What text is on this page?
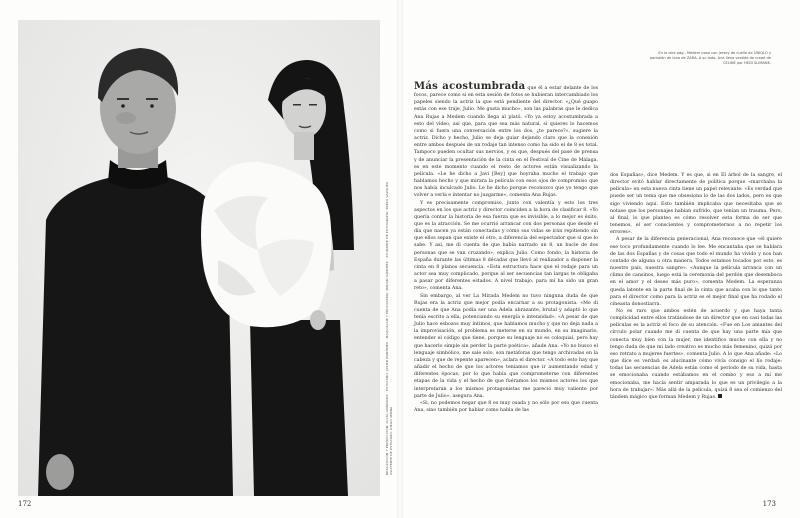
REALIZACIÓN Y PRODUCCIÓN: LUCÍA GONZÁLEZ · ESTILISMO: JAVIER MARTÍNEZ · MAQUILLAJE Y PELUQUERÍA: MIRIAM SÁNCHEZ · AYUDANTE DE FOTOGRAFÍA: PABLO VÁZQUEZ · ASISTENTE DE ESTILISMO: DIEGO SERNA
En la otra pág., Medem posa con jersey de cuello de UNIQLO y pantalón de lana de ZARA. A su lado, Ana lleva vestido de crepé de CELINE por HEDI SLIMANE.
172	173

Más acostumbrada que él a estar delante de los focos, parece como si en esta sesión de fotos se hubieran intercambiado los papeles siendo la actriz la que está pendiente del director. «¿Qué guapo estás con ese traje, Julio. Me gusta mucho», son las palabras que le dedica Ana Rujas a Medem cuando llega al plató. «Yo ya estoy acostumbrada a esto del vídeo, así que, para que sea más natural, si quieres lo hacemos como si fuera una conversación entre los dos, ¿te parece?», sugiere la actriz. Dicho y hecho, Julio se deja guiar dejando claro que la conexión entre ambos después de un rodaje tan intenso como ha sido el de 8 es total. Tampoco pueden ocultar sus nervios, y es que, después del pase de prensa y de anunciar la presentación de la cinta en el Festival de Cine de Málaga, es en este momento cuando el resto de actores están visualizando la película. «Le he dicho a Javi [Rey] que hoyraba mucho el trabajo que hablamos hecho y que mirara la película con esos ojos de compromiso que nos había inculcado Julio. Le he dicho porque reconozco que yo tengo que volver a verla e intentar no juzgarme», comenta Ana Rujas.

Y es precisamente compromiso, junto con valentía y esto los tres aspectos en los que actriz y director coinciden a la hora de clasificar 8. «Yo quería contar la historia de esa fuerza que es invisible, a lo mejor es éxito, que es la atracción. Se me ocurrió arrancar con dos personas que desde el día que nacen ya están conectadas y cómo sus vidas se irán repitiendo sin que ellos sepan que existe el otro, a diferencia del espectador que sí que lo sabe. Y así, me di cuenta de que había narrado un 8, un bucle de dos personas que se van cruzando», explica Julio. Como fondo, la historia de España durante las últimas 8 décadas que llevó al realizador a disponer la cinta en 8 planos secuencia. «Esta estructura hace que el rodaje para un actor sea muy complicado, porque al ser secuencias tan largas te obligaba a pasar por diferentes estados. A nivel trabajo, para mí ha sido un gran reto», comenta Ana.

Sin embargo, al ver La Mirada Medem no tuvo ninguna duda de que Rujas era la actriz que mejor podía encarnar a su protagonista. «Me di cuenta de que Ana podía ser una Adela abrazante, brutal y adaptó lo que tenía escrito a ella, potenciando su energía e intensidad». «A pesar de que Julio hace esbozos muy íntimos, que hablamos mucho y que no deja nada a la improvisación, el problema es meterse en su mundo, en su imaginario, entender el código que tiene, porque su lenguaje no es coloquial, pero hay que hacerlo simple sin perder la parte poética», añade Ana. «Yo no busco el lenguaje simbólico, me sale solo, son metáforas que tengo archivadas en la cabeza y que de repente aparecen», aclara el director. «A todo esto hay que añadir el hecho de que los actores teníamos que ir aumentando edad y diferentes épocas, por lo que había que comprometerse con diferentes etapas de la vida y el hecho de que fuéramos los mismos actores los que interpretaran a los mismos protagonistas me pareció muy valiente por parte de Julio», asegura Ana.

«Si, no podemos negar que 8 es muy osada y no sólo por eso que cuenta Ana, sino también por hablar como habla de las

dos Españas», dice Medem. Y es que, si en El árbol de la sangre, el director evitó hablar directamente de política porque «marchaba la película» en esta nueva cinta tiene un papel relevante: «Es verdad que puede ser un tema que me obsesiona lo de las dos lados, pero es que sigo viviendo aquí. Esto también implicaba que necesitaba que se notase que los personajes habían sufrido, que tenían un trauma. Pero, al final, lo que planteo es cómo resolver esta forma de ser que tenemos, el ser conscientes y comprometernos a no repetir los errores».

A pesar de la diferencia generacional, Ana reconoce que «él quiere ese toco profundamente cuando lo lee. Me encantaba que se hablara de las dos Españas y de cosas que todo el mundo ha vivido y nos han contado de alguna u otra manera. Todos estamos tocados por esto, es nuestro país, nuestra sangre». «Aunque la película arranca con un clima de cansinos, luego está la ceremonia del perdón que desemboca en el amor y el deseo más puro», comenta Medem. La esperanza queda latente en la parte final de la cinta que acaba con lo que tanto para el director como para la actriz es el mejor final que ha rodado el cineasta donostiarra.

No es raro que ambos estén de acuerdo y que haya tanta complicidad entre ellos tratándose de un director que en casi todas las películas es la actriz el foco de su atención. «Fue en Los amantes del círculo polar cuando me di cuenta de que hay una parte mía que conecta muy bien con la mujer, me identifico mucho con ella y no tengo duda de que mi lado creativo es mucho más femenino, quizá por eso retrato a mujeres fuertes», comenta Julio. A lo que Ana añade: «Lo que dice es verdad: es alucinante cómo vivía consigo el lío rodaje: todas las secuencias de Adela están como el periodo de su vida, hasta se emocionaba cuando estábamos en el combo y eso a mí me emocionaba, me hacía sentir amparada lo que es un privilegio a la hora de trabajar». Más allá de la película, quizá 8 sea el comienzo del tándem mágico que forman Medem y Rujas.
